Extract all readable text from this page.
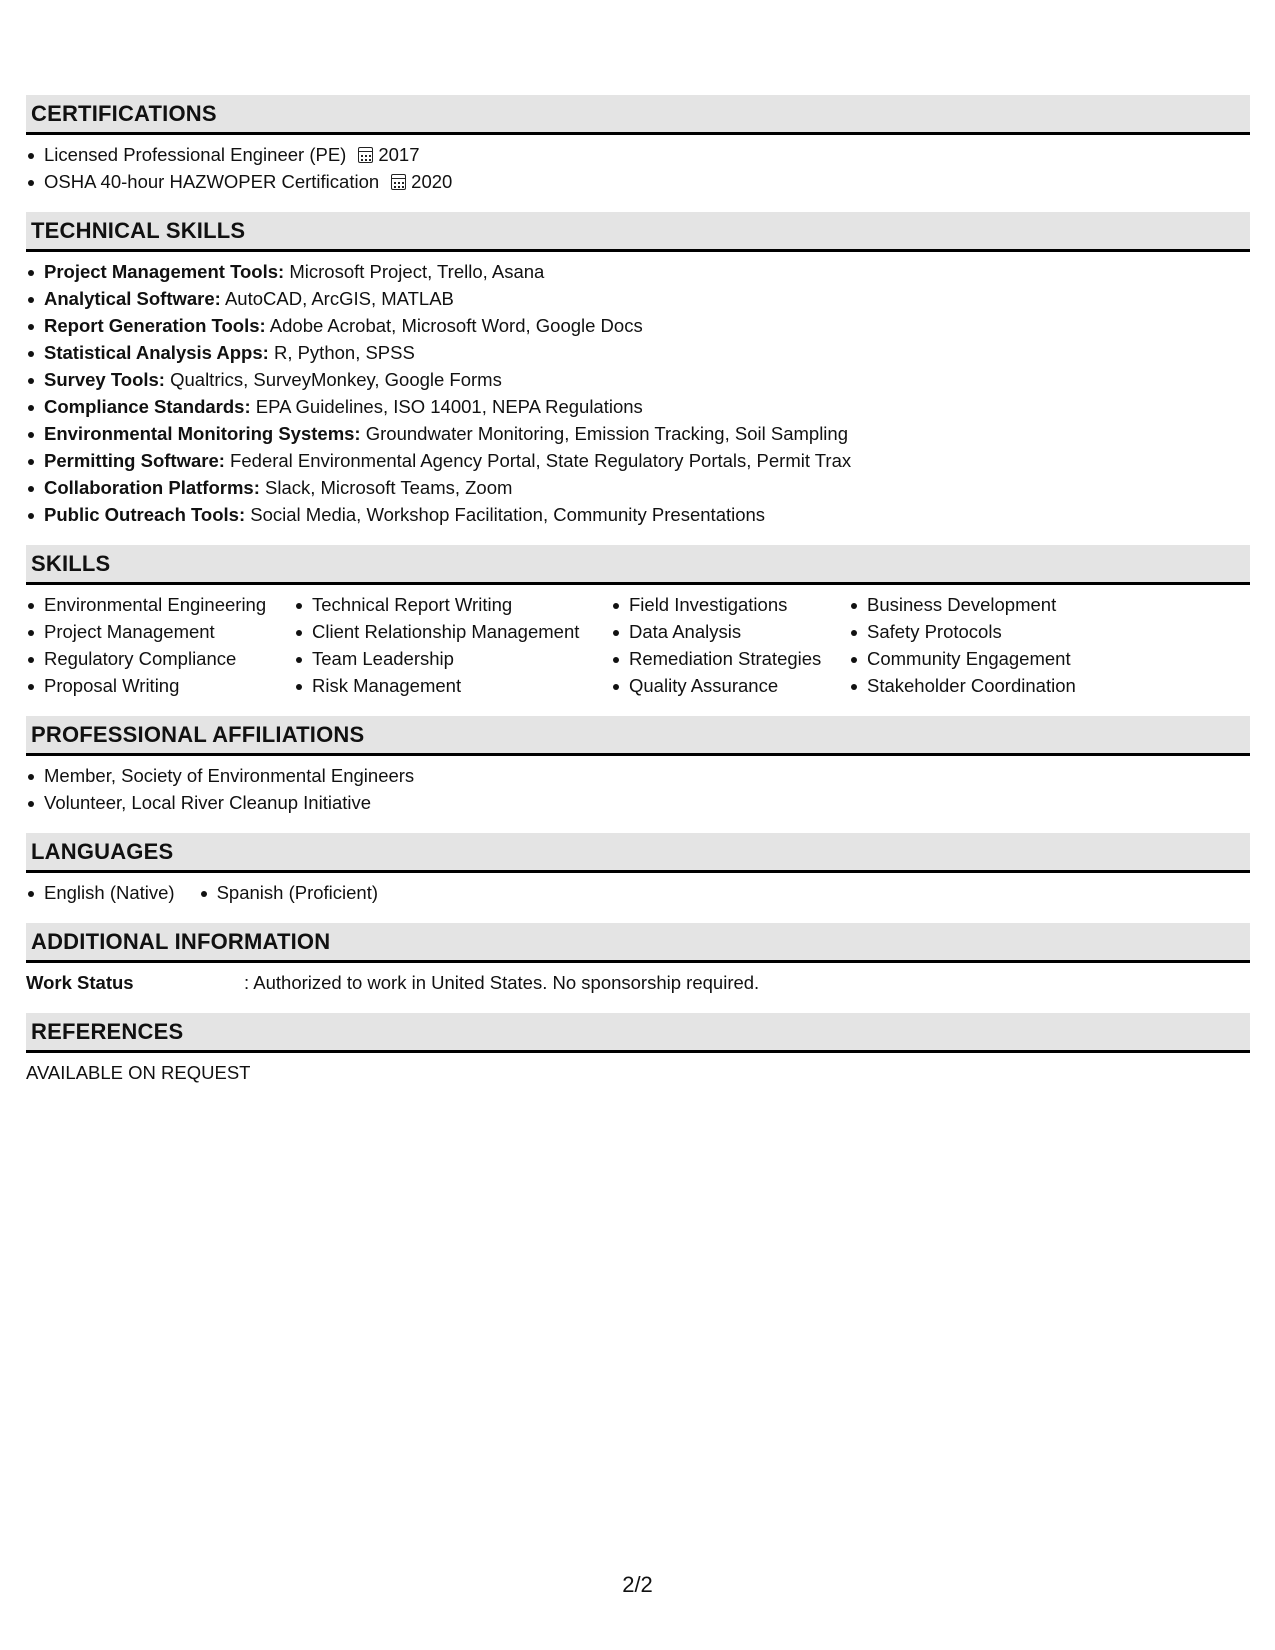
CERTIFICATIONS
Licensed Professional Engineer (PE) 2017
OSHA 40-hour HAZWOPER Certification 2020
TECHNICAL SKILLS
Project Management Tools: Microsoft Project, Trello, Asana
Analytical Software: AutoCAD, ArcGIS, MATLAB
Report Generation Tools: Adobe Acrobat, Microsoft Word, Google Docs
Statistical Analysis Apps: R, Python, SPSS
Survey Tools: Qualtrics, SurveyMonkey, Google Forms
Compliance Standards: EPA Guidelines, ISO 14001, NEPA Regulations
Environmental Monitoring Systems: Groundwater Monitoring, Emission Tracking, Soil Sampling
Permitting Software: Federal Environmental Agency Portal, State Regulatory Portals, Permit Trax
Collaboration Platforms: Slack, Microsoft Teams, Zoom
Public Outreach Tools: Social Media, Workshop Facilitation, Community Presentations
SKILLS
Environmental Engineering
Project Management
Regulatory Compliance
Proposal Writing
Technical Report Writing
Client Relationship Management
Team Leadership
Risk Management
Field Investigations
Data Analysis
Remediation Strategies
Quality Assurance
Business Development
Safety Protocols
Community Engagement
Stakeholder Coordination
PROFESSIONAL AFFILIATIONS
Member, Society of Environmental Engineers
Volunteer, Local River Cleanup Initiative
LANGUAGES
English (Native)	Spanish (Proficient)
ADDITIONAL INFORMATION
Work Status	: Authorized to work in United States. No sponsorship required.
REFERENCES
AVAILABLE ON REQUEST
2/2
